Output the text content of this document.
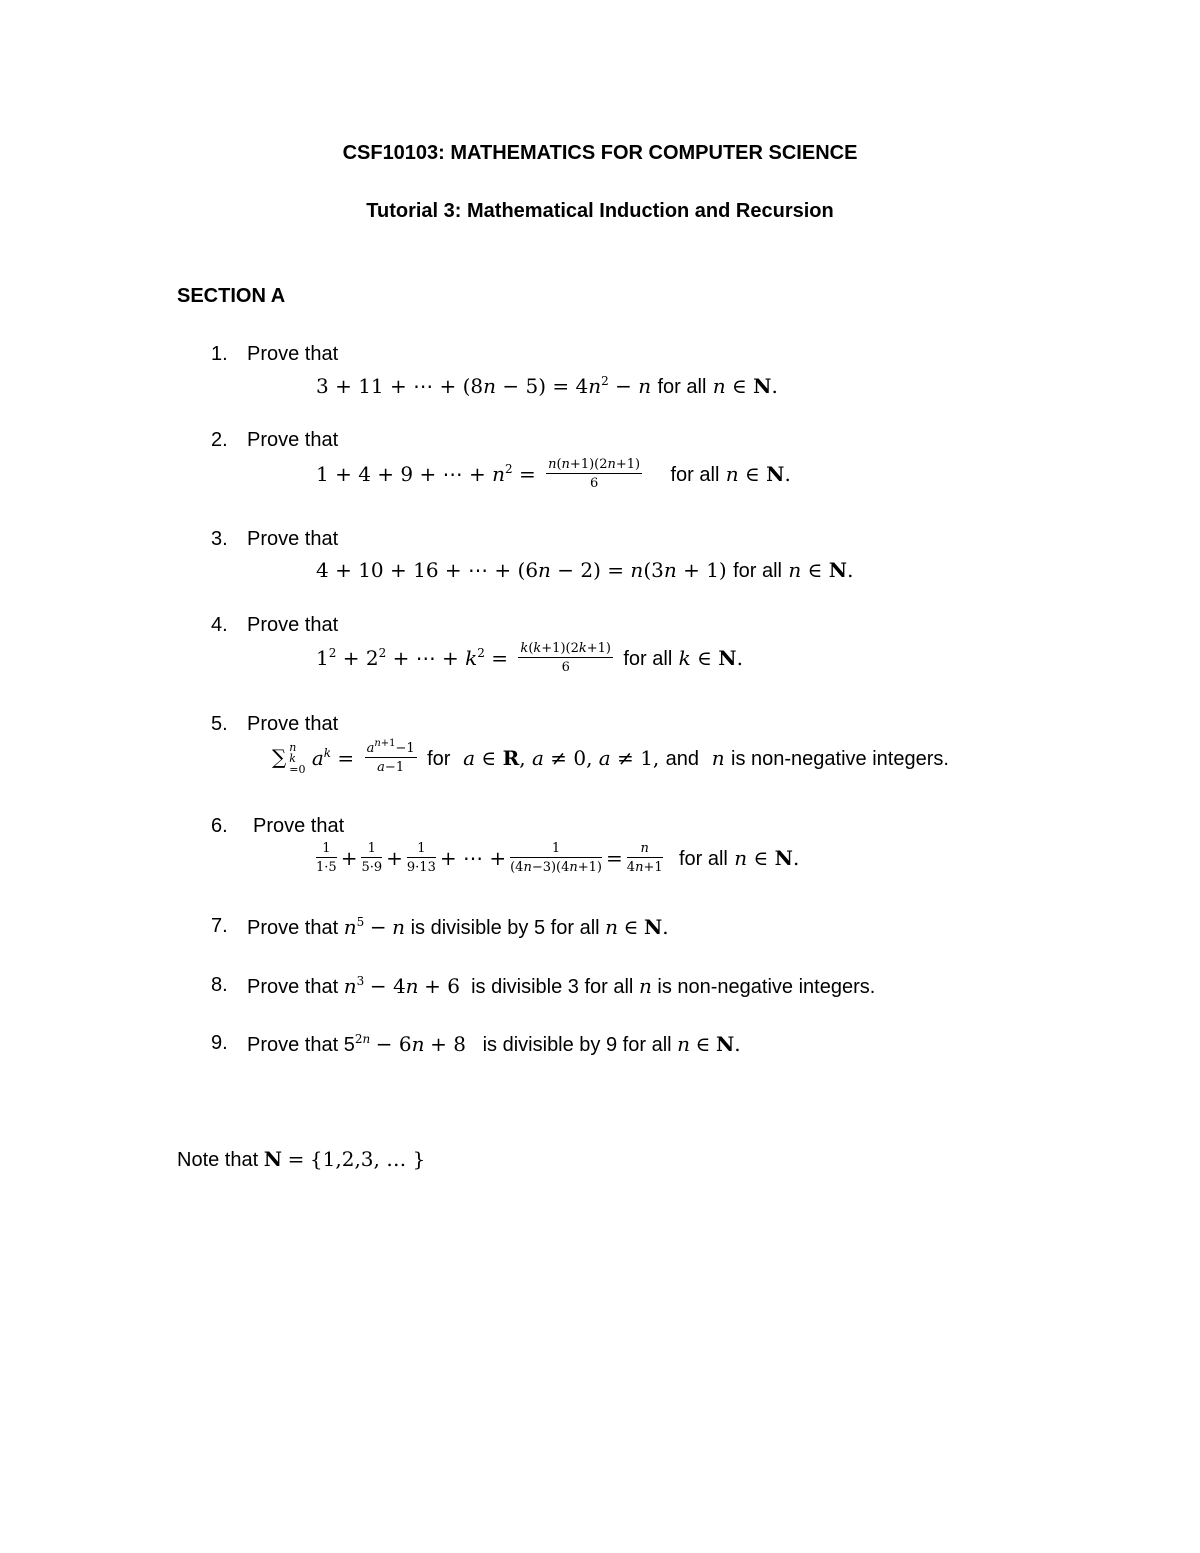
CSF10103: MATHEMATICS FOR COMPUTER SCIENCE
Tutorial 3: Mathematical Induction and Recursion
SECTION A
1. Prove that
3 + 11 + ⋯ + $(8n - 5) = 4n^2 - n$ for all n ∈ N.
2. Prove that
1 + 4 + 9 + ⋯ + $n^2 = \frac{n(n+1)(2n+1)}{6}$ for all n ∈ N.
3. Prove that
4 + 10 + 16 + ⋯ + (6n − 2) = n(3n + 1) for all n ∈ N.
4. Prove that
$1^2 + 2^2$ + ⋯ + $k^2 = \frac{k(k+1)(2k+1)}{6}$ for all k ∈ N.
5. Prove that
∑ n
k
=0 $a^k = \frac{a^{n+1}-1}{a-1}$ for a ∈ R, a ≠ 0, a ≠ 1, and n is non-negative integers.
6. Prove that
$\frac{1}{1\cdot 5} + \frac{1}{5\cdot 9} + \frac{1}{9\cdot 13}$ + ⋯ + $\frac{1}{(4n-3)(4n+1)} = \frac{n}{4n+1}$ for all n ∈ N.
7. Prove that $n^5 - n$ is divisible by 5 for all n ∈ N.
8. Prove that $n^3 - 4n + 6$ is divisible 3 for all n is non-negative integers.
9. Prove that $5^{2n} - 6n + 8$ is divisible by 9 for all n ∈ N.
Note that N = {1,2,3, … }
